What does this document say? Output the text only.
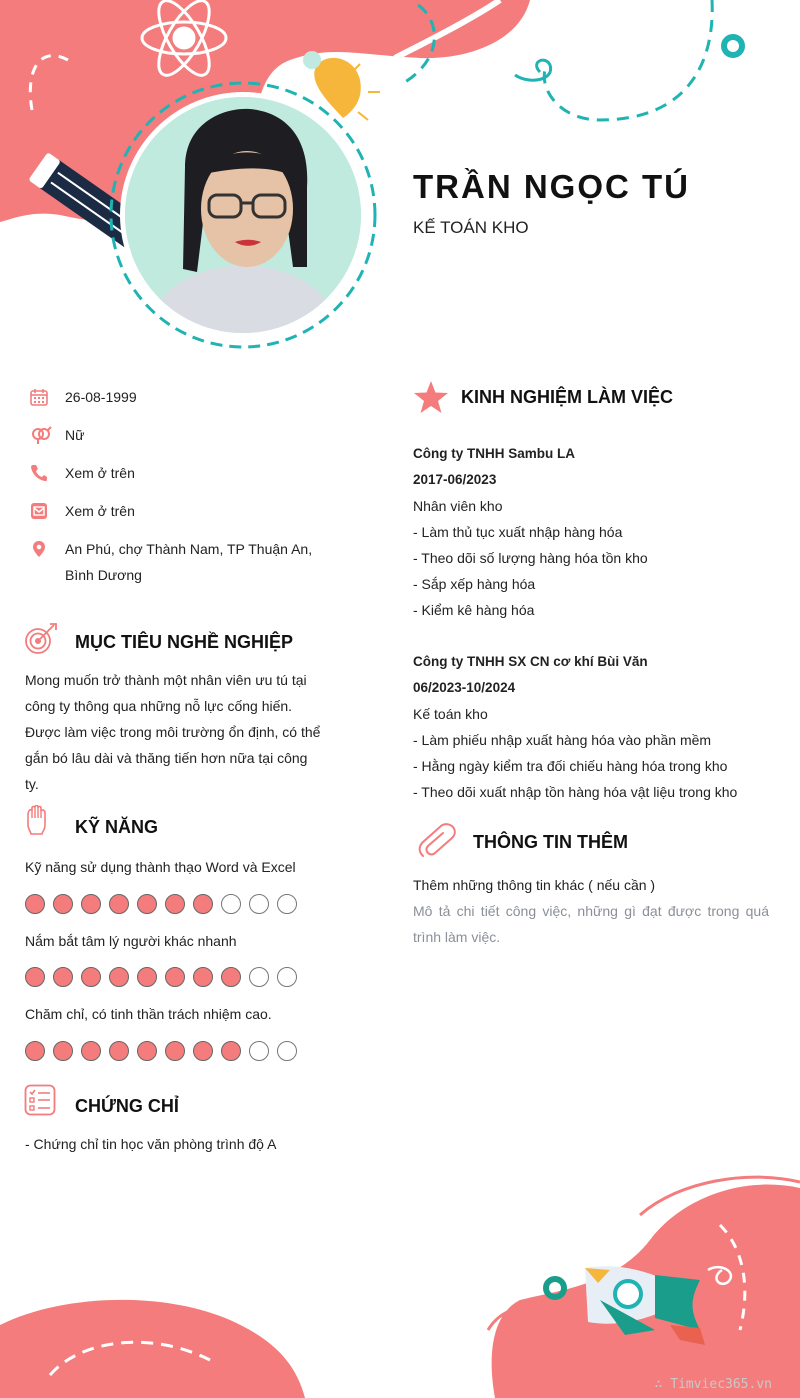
TRẦN NGỌC TÚ
KẾ TOÁN KHO
26-08-1999
Nữ
Xem ở trên
Xem ở trên
An Phú, chợ Thành Nam, TP Thuận An,
Bình Dương
MỤC TIÊU NGHỀ NGHIỆP
Mong muốn trở thành một nhân viên ưu tú tại
công ty thông qua những nỗ lực cống hiến.
Được làm việc trong môi trường ổn định, có thể
gắn bó lâu dài và thăng tiến hơn nữa tại công
ty.
KỸ NĂNG
Kỹ năng sử dụng thành thạo Word và Excel
Nắm bắt tâm lý người khác nhanh
Chăm chỉ, có tinh thần trách nhiệm cao.
CHỨNG CHỈ
- Chứng chỉ tin học văn phòng trình độ A
KINH NGHIỆM LÀM VIỆC
Công ty TNHH Sambu LA
2017-06/2023
Nhân viên kho
- Làm thủ tục xuất nhập hàng hóa
- Theo dõi số lượng hàng hóa tồn kho
- Sắp xếp hàng hóa
- Kiểm kê hàng hóa
Công ty TNHH SX CN cơ khí Bùi Văn
06/2023-10/2024
Kế toán kho
- Làm phiếu nhập xuất hàng hóa vào phần mềm
- Hằng ngày kiểm tra đối chiếu hàng hóa trong kho
- Theo dõi xuất nhập tồn hàng hóa vật liệu trong kho
THÔNG TIN THÊM
Thêm những thông tin khác ( nếu cần )
Mô tả chi tiết công việc, những gì đạt được trong quá trình làm việc.
∴ Timviec365.vn
